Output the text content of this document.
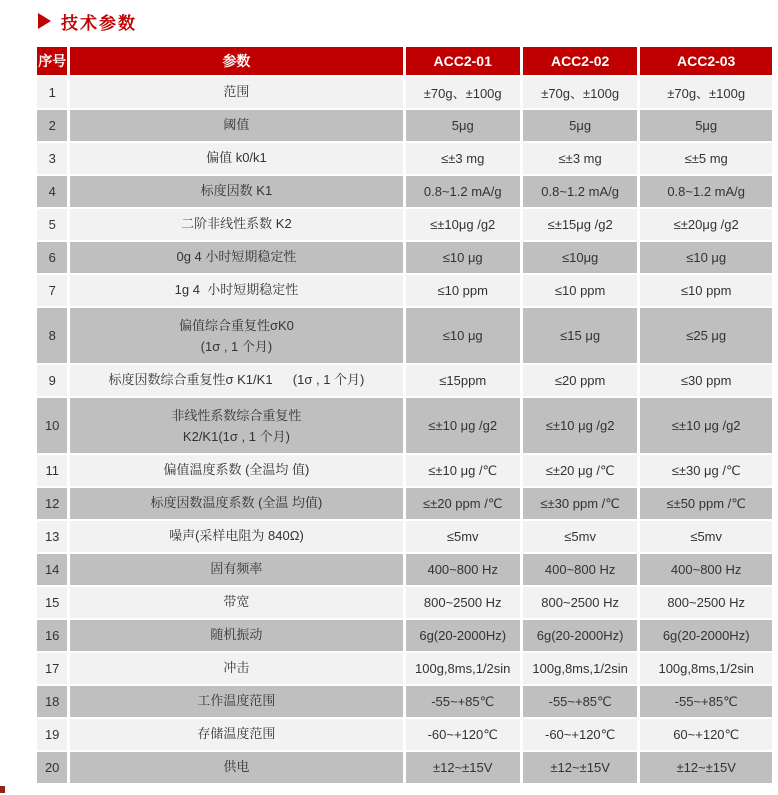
技术参数
序号	参数	ACC2-01	ACC2-02	ACC2-03
1	范围	±70g、±100g	±70g、±100g	±70g、±100g
2	阈值	5μg	5μg	5μg
3	偏值 k0/k1	≤±3 mg	≤±3 mg	≤±5 mg
4	标度因数 K1	0.8~1.2 mA/g	0.8~1.2 mA/g	0.8~1.2 mA/g
5	二阶非线性系数 K2	≤±10μg /g2	≤±15μg /g2	≤±20μg /g2
6	0g 4 小时短期稳定性	≤10 μg	≤10μg	≤10 μg
7	1g 4  小时短期稳定性	≤10 ppm	≤10 ppm	≤10 ppm
8	偏值综合重复性σK0
(1σ , 1 个月)	≤10 μg	≤15 μg	≤25 μg
9	标度因数综合重复性σ K1/K1　  (1σ , 1 个月)	≤15ppm	≤20 ppm	≤30 ppm
10	非线性系数综合重复性
K2/K1(1σ , 1 个月)	≤±10 μg /g2	≤±10 μg /g2	≤±10 μg /g2
11	偏值温度系数 (全温均 值)	≤±10 μg /℃	≤±20 μg /℃	≤±30 μg /℃
12	标度因数温度系数 (全温 均值)	≤±20 ppm /℃	≤±30 ppm /℃	≤±50 ppm /℃
13	噪声(采样电阻为 840Ω)	≤5mv	≤5mv	≤5mv
14	固有频率	400~800 Hz	400~800 Hz	400~800 Hz
15	带宽	800~2500 Hz	800~2500 Hz	800~2500 Hz
16	随机振动	6g(20-2000Hz)	6g(20-2000Hz)	6g(20-2000Hz)
17	冲击	100g,8ms,1/2sin	100g,8ms,1/2sin	100g,8ms,1/2sin
18	工作温度范围	-55~+85℃	-55~+85℃	-55~+85℃
19	存储温度范围	-60~+120℃	-60~+120℃	60~+120℃
20	供电	±12~±15V	±12~±15V	±12~±15V
